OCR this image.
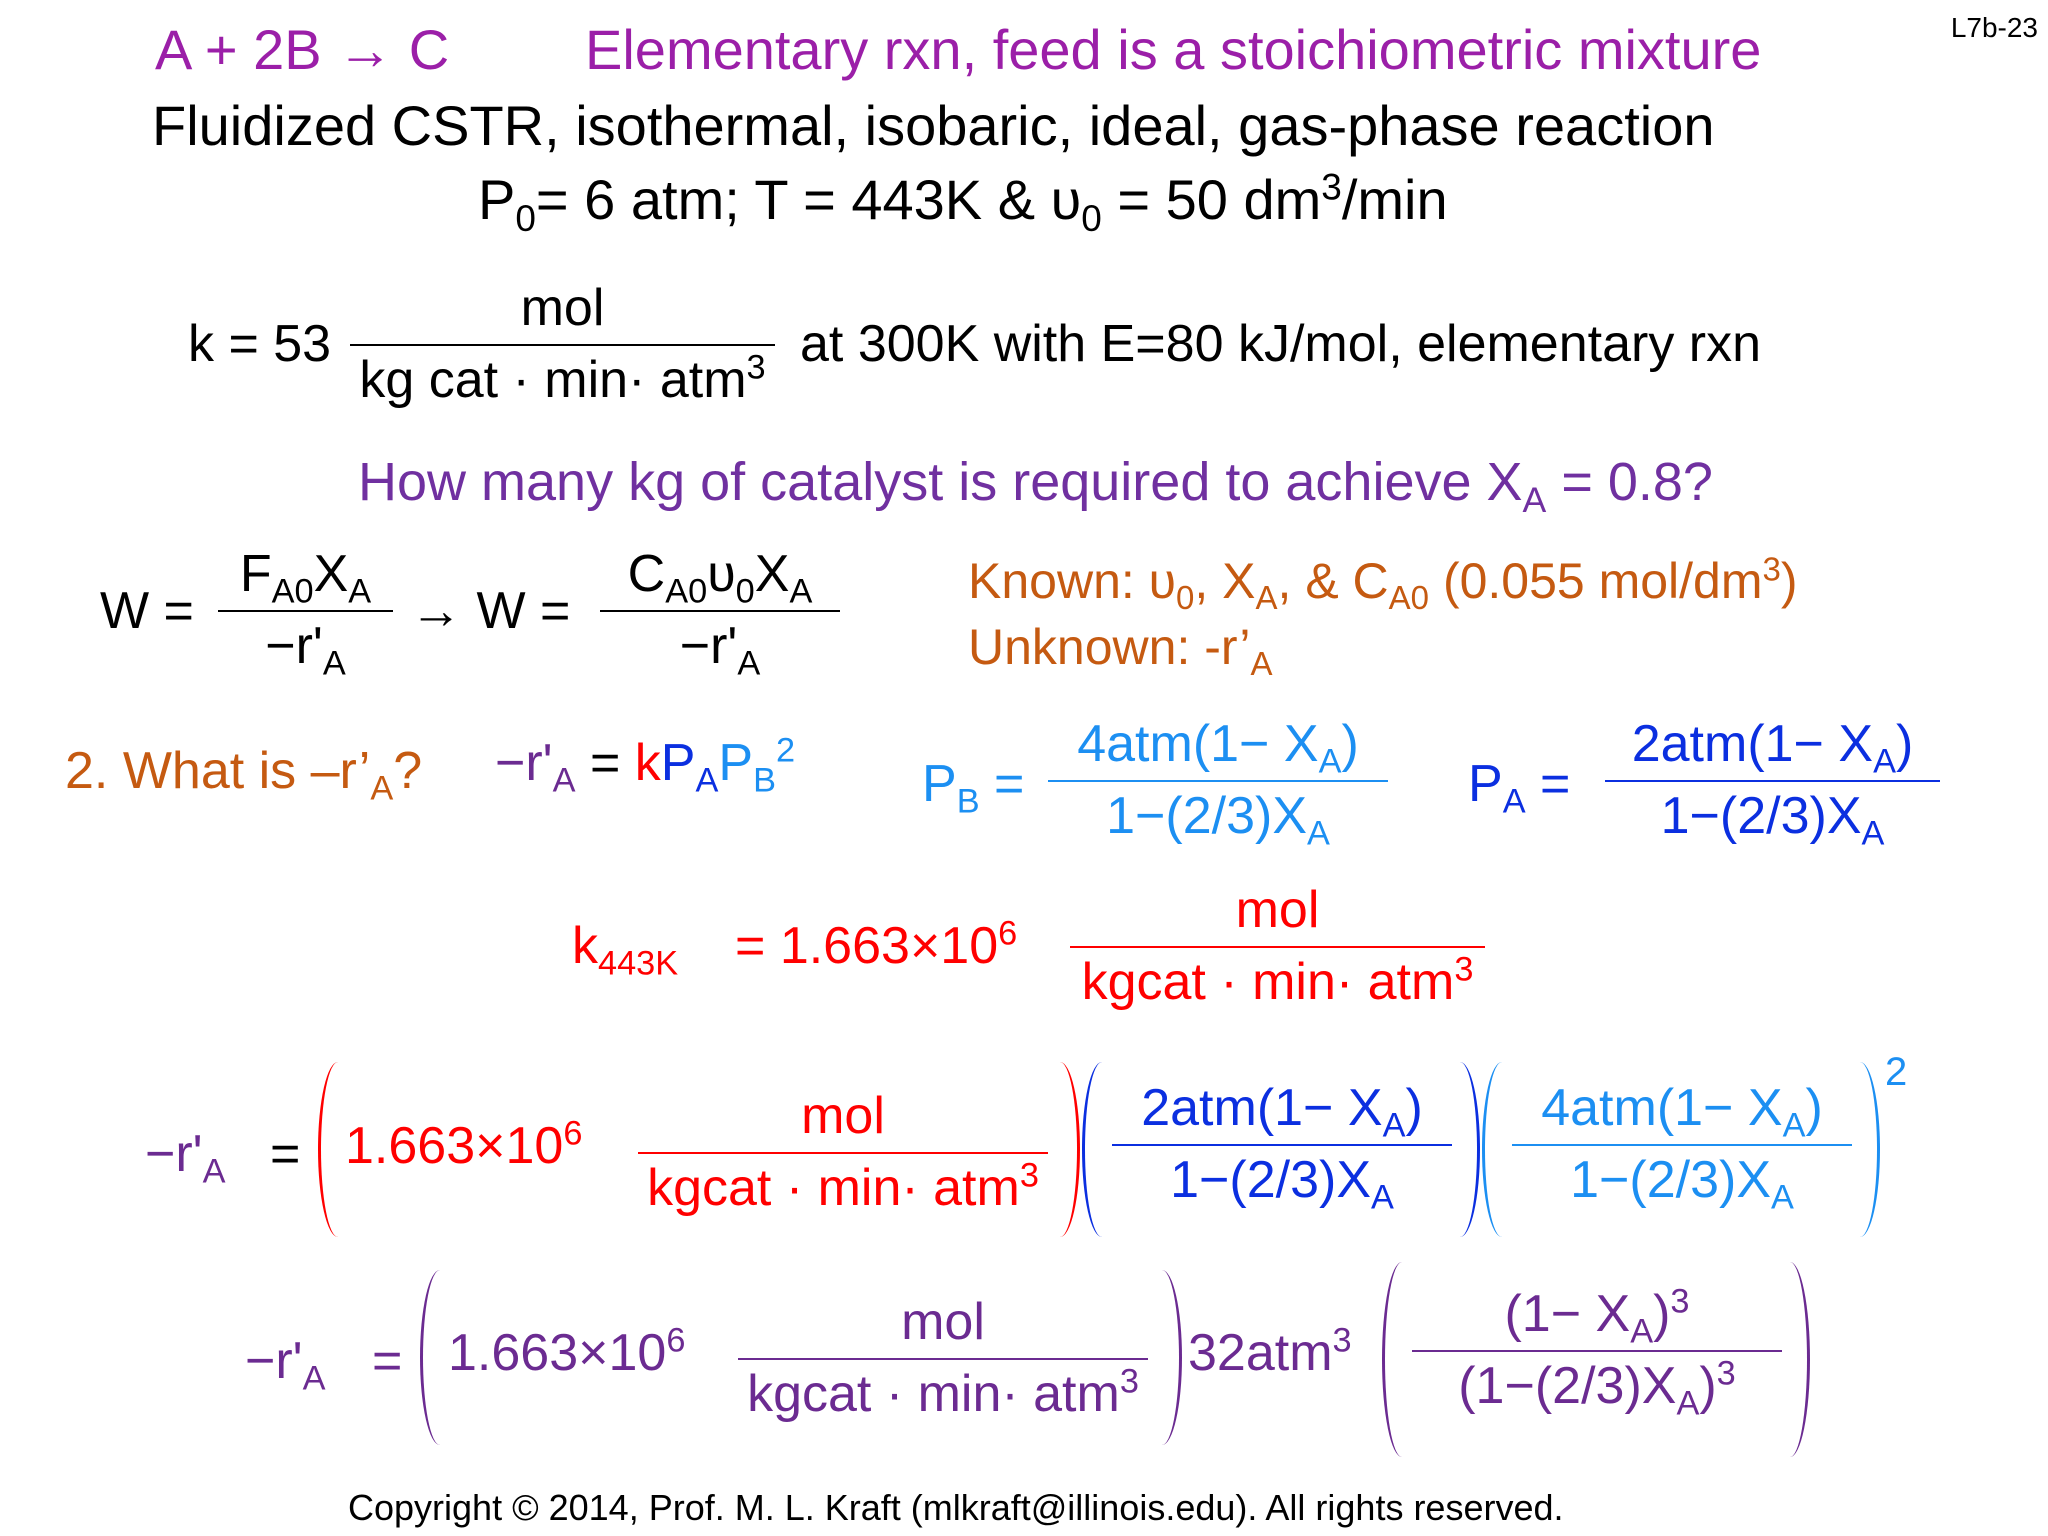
L7b-23
A + 2B → C Elementary rxn, feed is a stoichiometric mixture
Fluidized CSTR, isothermal, isobaric, ideal, gas-phase reaction
$P_0= 6$ atm; T = 443K & $\upsilon_0 = 50$ $dm^3/\min$
k = 53
mol
kg cat · min· atm$^3$ at 300K with E=80 kJ/mol, elementary rxn
How many kg of catalyst is required to achieve $X_A = 0.8$?
W =
$F_{A0}X_A$
$-r'_A$
→ W =
$C_{A0}\upsilon_0X_A$
$-r'_A$
Known: $\upsilon_0$, $X_A$, & $C_{A0}$ (0.055 mol/$dm^3$)
Unknown: $-r’_A$
2. What is $-r’_A$? $-r'_A = kP_AP_B^2$
$P_B$ =
$4atm(1- X_A)$
$1-(2/3)X_A$
$P_A$ =
$2atm(1- X_A)$
$1-(2/3)X_A$
$k_{443K} = 1.663\times 10^6$	mol
kgcat · min· atm$^3$
$-r'_A = 1.663\times 10^6$	mol
kgcat · min· atm$^3$
$2atm(1- X_A)$
$1-(2/3)X_A$
$4atm(1- X_A)$
$1-(2/3)X_A$
2
$-r'_A = 1.663\times 10^6$	mol
kgcat · min· atm$^3$ 32atm$^3$	$(1- X_A)^3$
$(1-(2/3)X_A)^3$
Copyright © 2014, Prof. M. L. Kraft (mlkraft@illinois.edu). All rights reserved.
